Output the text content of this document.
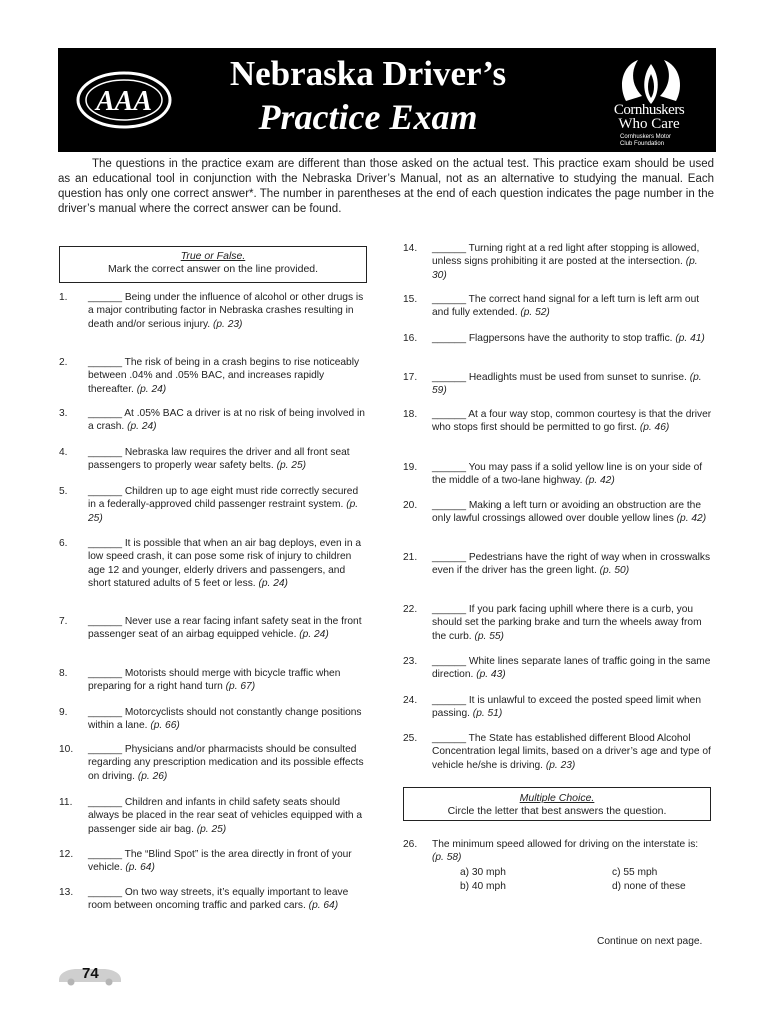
AAA
Nebraska Driver’s
Practice Exam	Cornhuskers
Who Care
Cornhuskers Motor
Club Foundation
The questions in the practice exam are different than those asked on the actual test. This practice exam should be used as an educational tool in conjunction with the Nebraska Driver’s Manual, not as an alternative to studying the manual. Each question has only one correct answer*. The number in parentheses at the end of each question indicates the page number in the driver’s manual where the correct answer can be found.
True or False.
Mark the correct answer on the line provided.
1. ______ Being under the influence of alcohol or other drugs is a major contributing factor in Nebraska crashes resulting in death and/or serious injury. (p. 23)
2. ______ The risk of being in a crash begins to rise noticeably between .04% and .05% BAC, and increases rapidly thereafter. (p. 24)
3. ______ At .05% BAC a driver is at no risk of being involved in a crash. (p. 24)
4. ______ Nebraska law requires the driver and all front seat passengers to properly wear safety belts. (p. 25)
5. ______ Children up to age eight must ride correctly secured in a federally-approved child passenger restraint system. (p. 25)
6. ______ It is possible that when an air bag deploys, even in a low speed crash, it can pose some risk of injury to children age 12 and younger, elderly drivers and passengers, and short statured adults of 5 feet or less. (p. 24)
7. ______ Never use a rear facing infant safety seat in the front passenger seat of an airbag equipped vehicle. (p. 24)
8. ______ Motorists should merge with bicycle traffic when preparing for a right hand turn (p. 67)
9. ______ Motorcyclists should not constantly change positions within a lane. (p. 66)
10. ______ Physicians and/or pharmacists should be consulted regarding any prescription medication and its possible effects on driving. (p. 26)
11. ______ Children and infants in child safety seats should always be placed in the rear seat of vehicles equipped with a passenger side air bag. (p. 25)
12. ______ The “Blind Spot” is the area directly in front of your vehicle. (p. 64)
13. ______ On two way streets, it’s equally important to leave room between oncoming traffic and parked cars. (p. 64)
14. ______ Turning right at a red light after stopping is allowed, unless signs prohibiting it are posted at the intersection. (p. 30)
15. ______ The correct hand signal for a left turn is left arm out and fully extended. (p. 52)
16. ______ Flagpersons have the authority to stop traffic. (p. 41)
17. ______ Headlights must be used from sunset to sunrise. (p. 59)
18. ______ At a four way stop, common courtesy is that the driver who stops first should be permitted to go first. (p. 46)
19. ______ You may pass if a solid yellow line is on your side of the middle of a two-lane highway. (p. 42)
20. ______ Making a left turn or avoiding an obstruction are the only lawful crossings allowed over double yellow lines (p. 42)
21. ______ Pedestrians have the right of way when in crosswalks even if the driver has the green light. (p. 50)
22. ______ If you park facing uphill where there is a curb, you should set the parking brake and turn the wheels away from the curb. (p. 55)
23. ______ White lines separate lanes of traffic going in the same direction. (p. 43)
24. ______ It is unlawful to exceed the posted speed limit when passing. (p. 51)
25. ______ The State has established different Blood Alcohol Concentration legal limits, based on a driver’s age and type of vehicle he/she is driving. (p. 23)
Multiple Choice.
Circle the letter that best answers the question.
26. The minimum speed allowed for driving on the interstate is: (p. 58)
a) 30 mph
b) 40 mph
c) 55 mph
d) none of these
Continue on next page.
74
